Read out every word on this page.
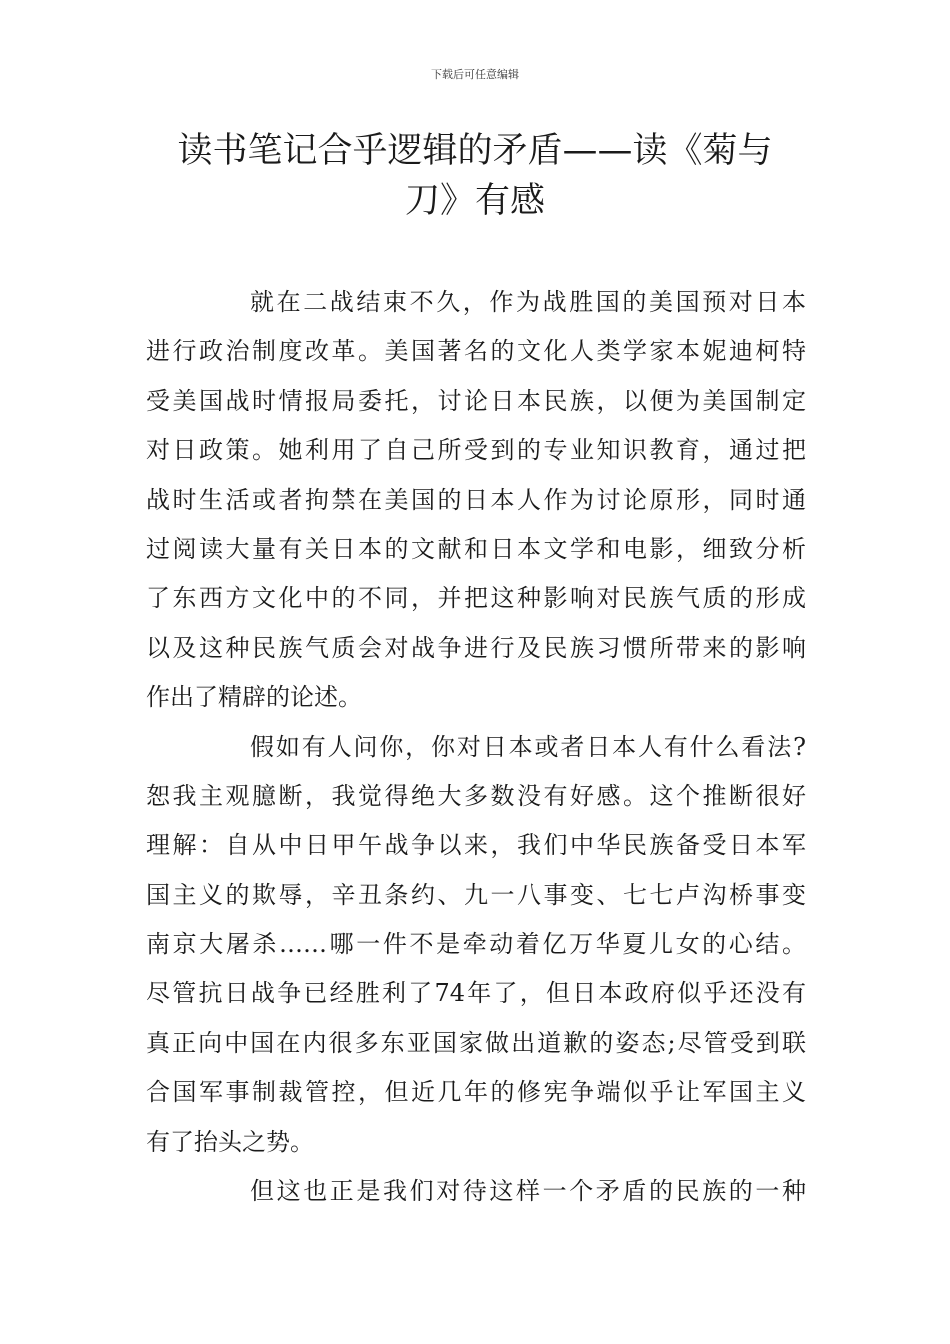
下载后可任意编辑
读书笔记合乎逻辑的矛盾——读《菊与
刀》有感
就在二战结束不久，作为战胜国的美国预对日本
进行政治制度改革。美国著名的文化人类学家本妮迪柯特
受美国战时情报局委托，讨论日本民族，以便为美国制定
对日政策。她利用了自己所受到的专业知识教育，通过把
战时生活或者拘禁在美国的日本人作为讨论原形，同时通
过阅读大量有关日本的文献和日本文学和电影，细致分析
了东西方文化中的不同，并把这种影响对民族气质的形成
以及这种民族气质会对战争进行及民族习惯所带来的影响
作出了精辟的论述。
假如有人问你，你对日本或者日本人有什么看法?
恕我主观臆断，我觉得绝大多数没有好感。这个推断很好
理解：自从中日甲午战争以来，我们中华民族备受日本军
国主义的欺辱，辛丑条约、九一八事变、七七卢沟桥事变
南京大屠杀……哪一件不是牵动着亿万华夏儿女的心结。
尽管抗日战争已经胜利了74年了，但日本政府似乎还没有
真正向中国在内很多东亚国家做出道歉的姿态;尽管受到联
合国军事制裁管控，但近几年的修宪争端似乎让军国主义
有了抬头之势。
但这也正是我们对待这样一个矛盾的民族的一种
